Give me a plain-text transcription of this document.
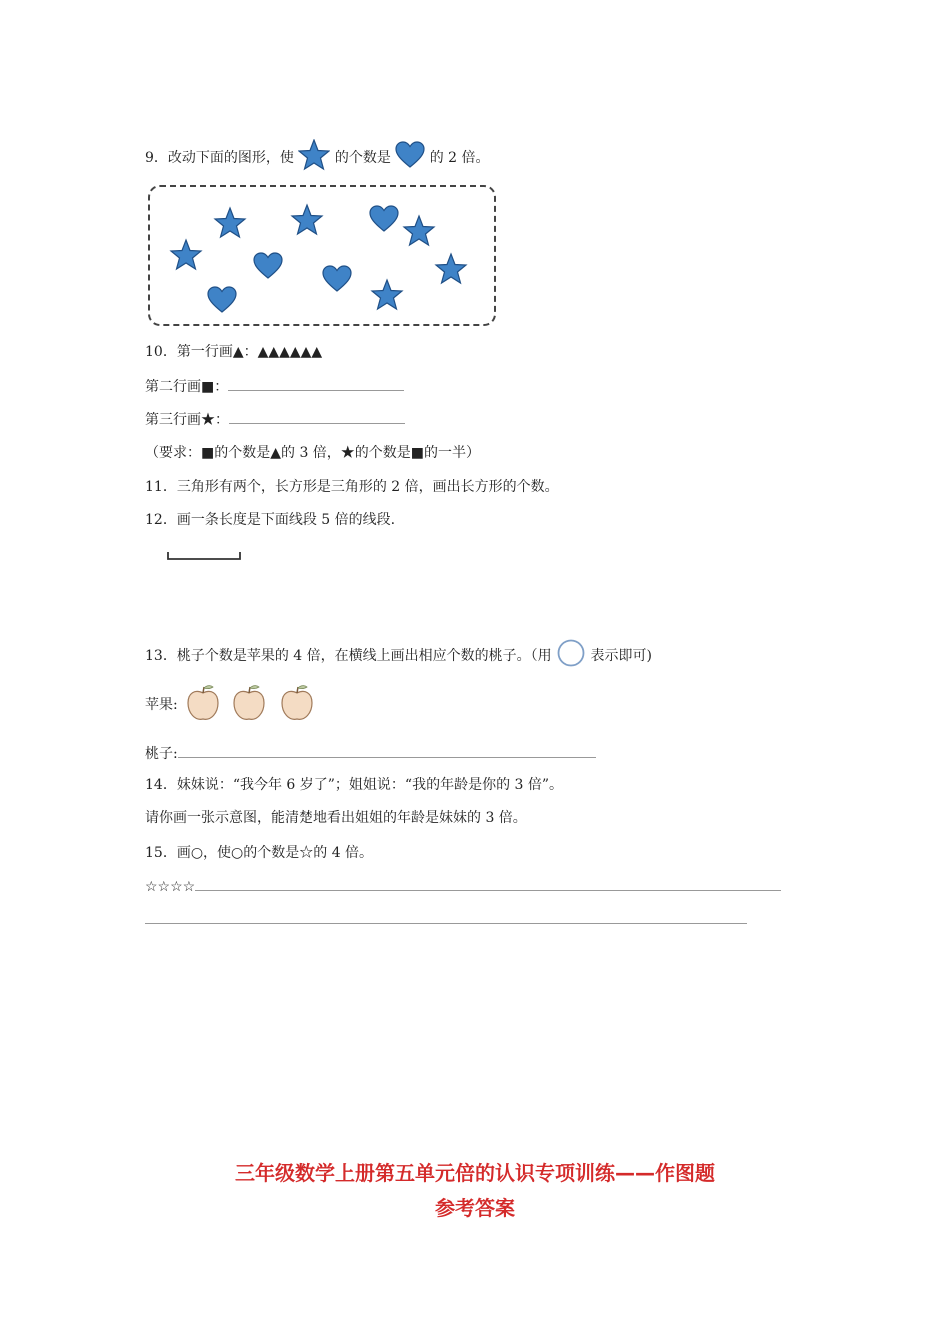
9．改动下面的图形，使	的个数是	的 2 倍。
10．第一行画▲：▲▲▲▲▲▲
第二行画■：
第三行画★：
（要求：■的个数是▲的 3 倍，★的个数是■的一半）
11．三角形有两个，长方形是三角形的 2 倍，画出长方形的个数。
12．画一条长度是下面线段 5 倍的线段.
13．桃子个数是苹果的 4 倍，在横线上画出相应个数的桃子。（用	表示即可)
苹果:
桃子:
14．妹妹说：“我今年 6 岁了”；姐姐说：“我的年龄是你的 3 倍”。
请你画一张示意图，能清楚地看出姐姐的年龄是妹妹的 3 倍。
15．画○，使○的个数是☆的 4 倍。
☆☆☆☆
三年级数学上册第五单元倍的认识专项训练——作图题
参考答案
